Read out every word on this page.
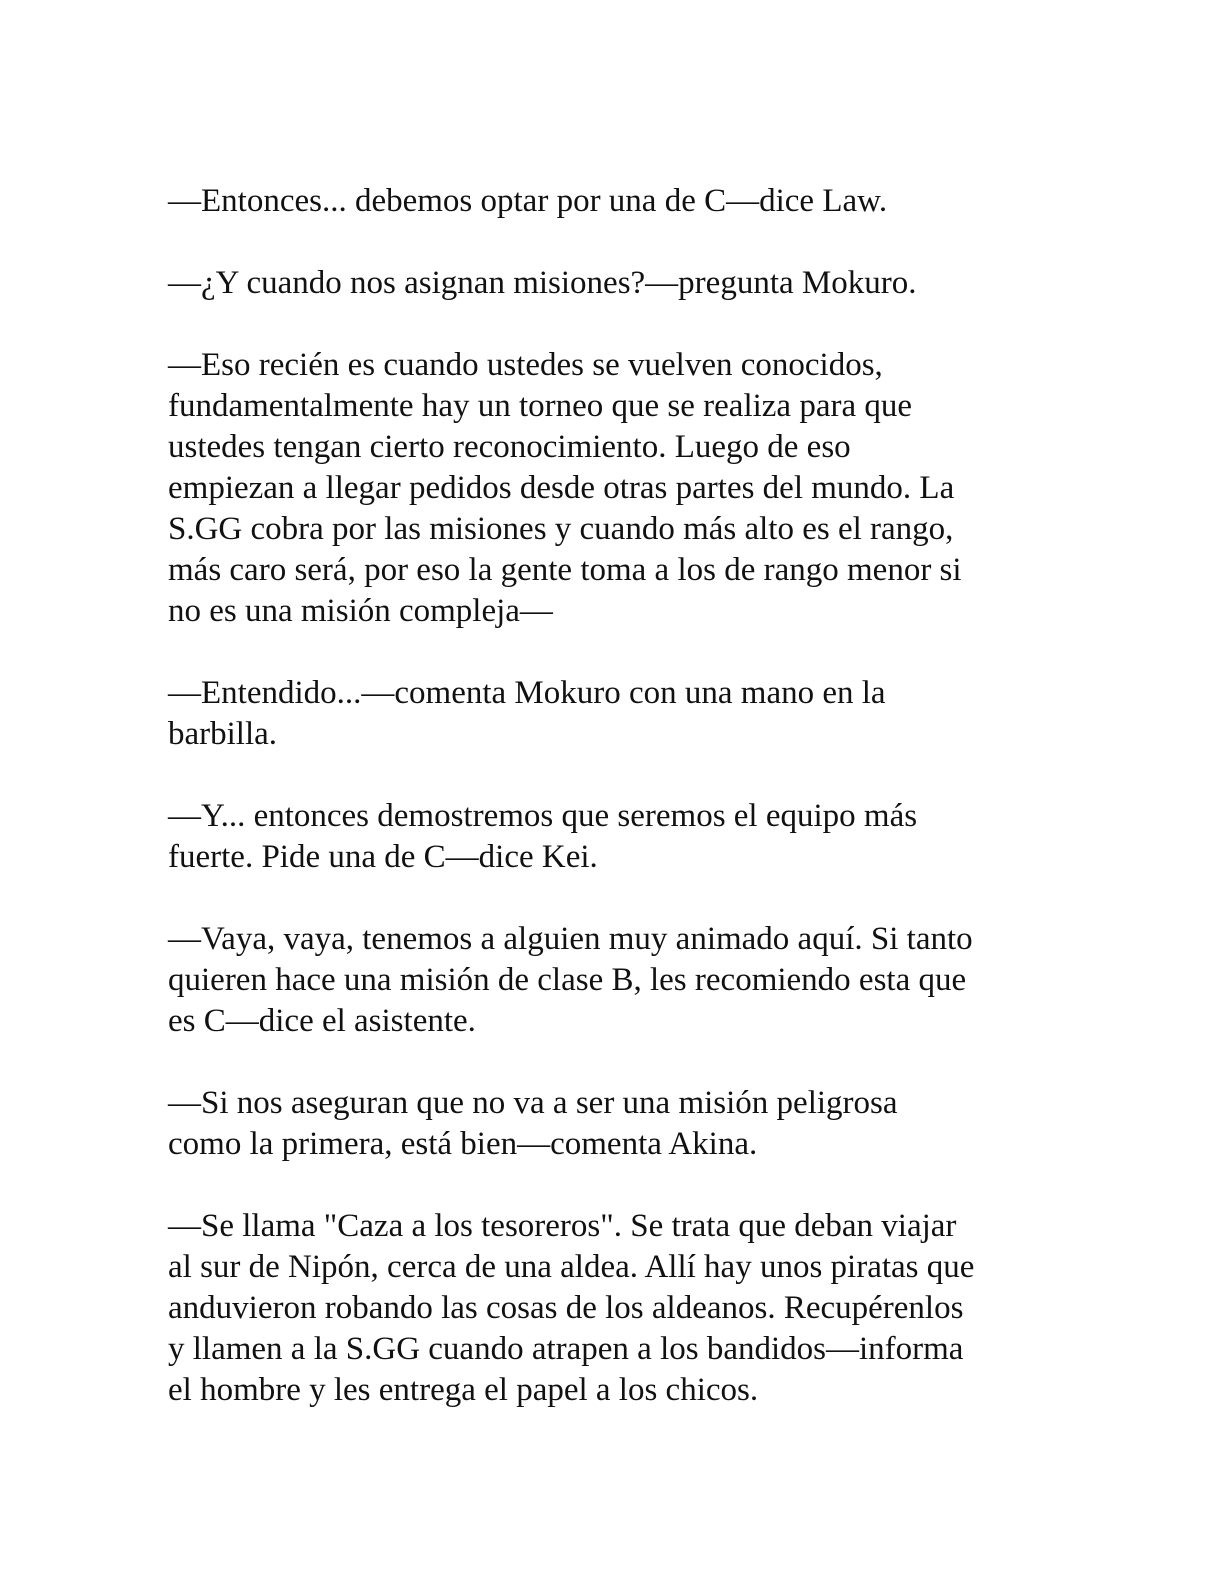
—Entonces... debemos optar por una de C—dice Law.

—¿Y cuando nos asignan misiones?—pregunta Mokuro.

—Eso recién es cuando ustedes se vuelven conocidos,
fundamentalmente hay un torneo que se realiza para que
ustedes tengan cierto reconocimiento. Luego de eso
empiezan a llegar pedidos desde otras partes del mundo. La
S.GG cobra por las misiones y cuando más alto es el rango,
más caro será, por eso la gente toma a los de rango menor si
no es una misión compleja—

—Entendido...—comenta Mokuro con una mano en la
barbilla.

—Y... entonces demostremos que seremos el equipo más
fuerte. Pide una de C—dice Kei.

—Vaya, vaya, tenemos a alguien muy animado aquí. Si tanto
quieren hace una misión de clase B, les recomiendo esta que
es C—dice el asistente.

—Si nos aseguran que no va a ser una misión peligrosa
como la primera, está bien—comenta Akina.

—Se llama "Caza a los tesoreros". Se trata que deban viajar
al sur de Nipón, cerca de una aldea. Allí hay unos piratas que
anduvieron robando las cosas de los aldeanos. Recupérenlos
y llamen a la S.GG cuando atrapen a los bandidos—informa
el hombre y les entrega el papel a los chicos.
